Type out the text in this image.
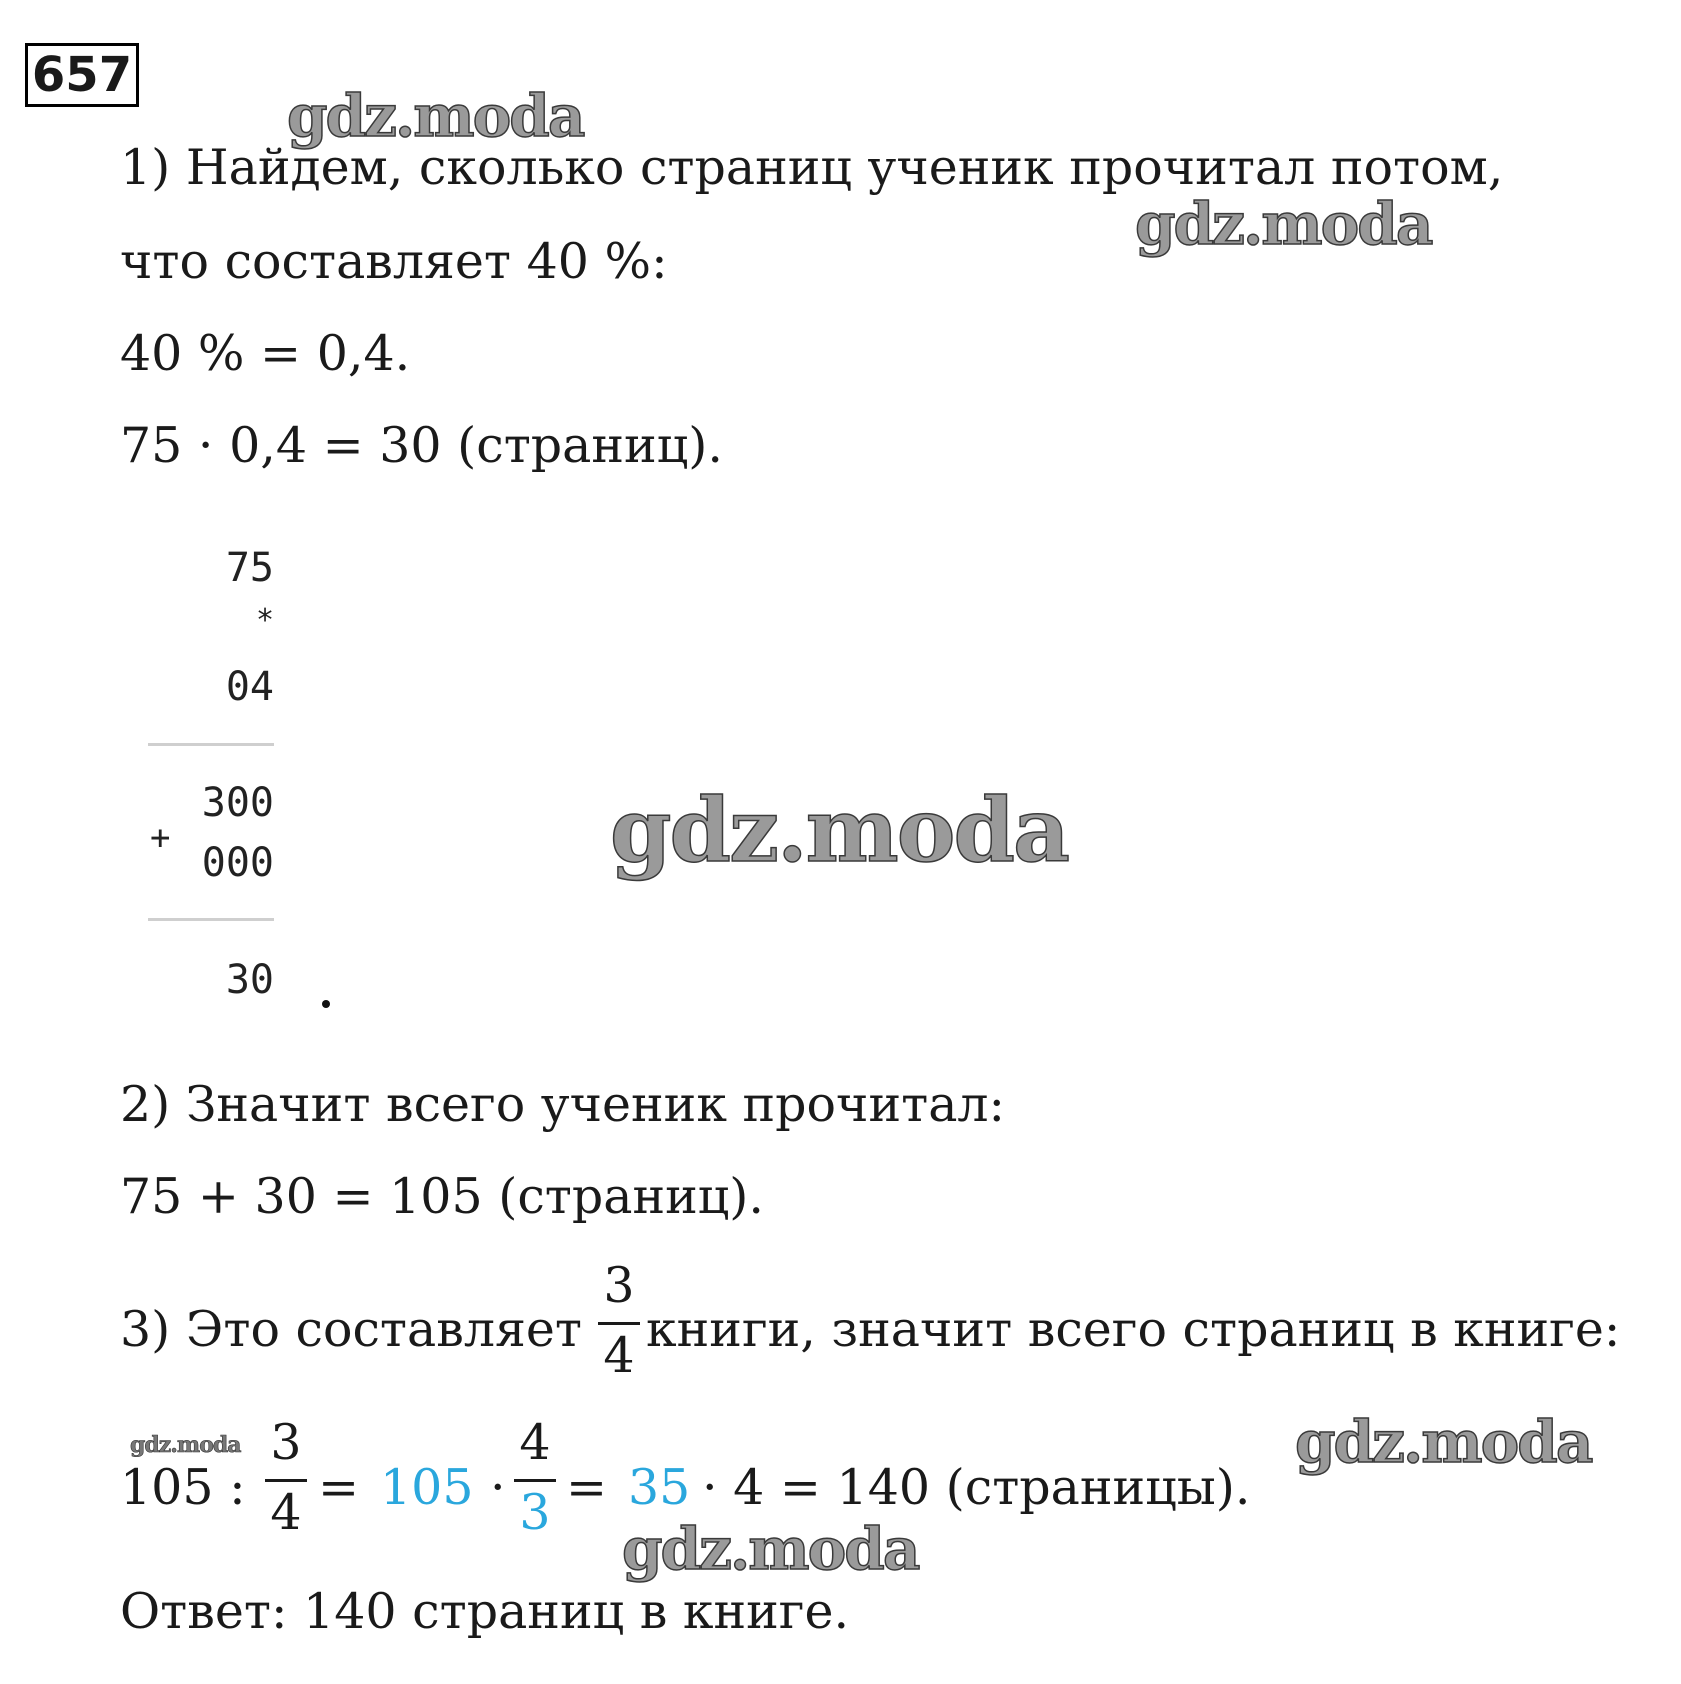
657
gdz.moda
gdz.moda
gdz.moda
gdz.moda
gdz.moda
gdz.moda
1) Найдем, сколько страниц ученик прочитал потом,
что составляет 40 %:
40 % = 0,4.
75 · 0,4 = 30 (страниц).
75
*
04
300
+
000
30
2) Значит всего ученик прочитал:
75 + 30 = 105 (страниц).
3) Это составляет
3
4 книги, значит всего страниц в книге:
105 :
3
4 = 105 ·
4
3 = 35 · 4 = 140 (страницы).
Ответ: 140 страниц в книге.
